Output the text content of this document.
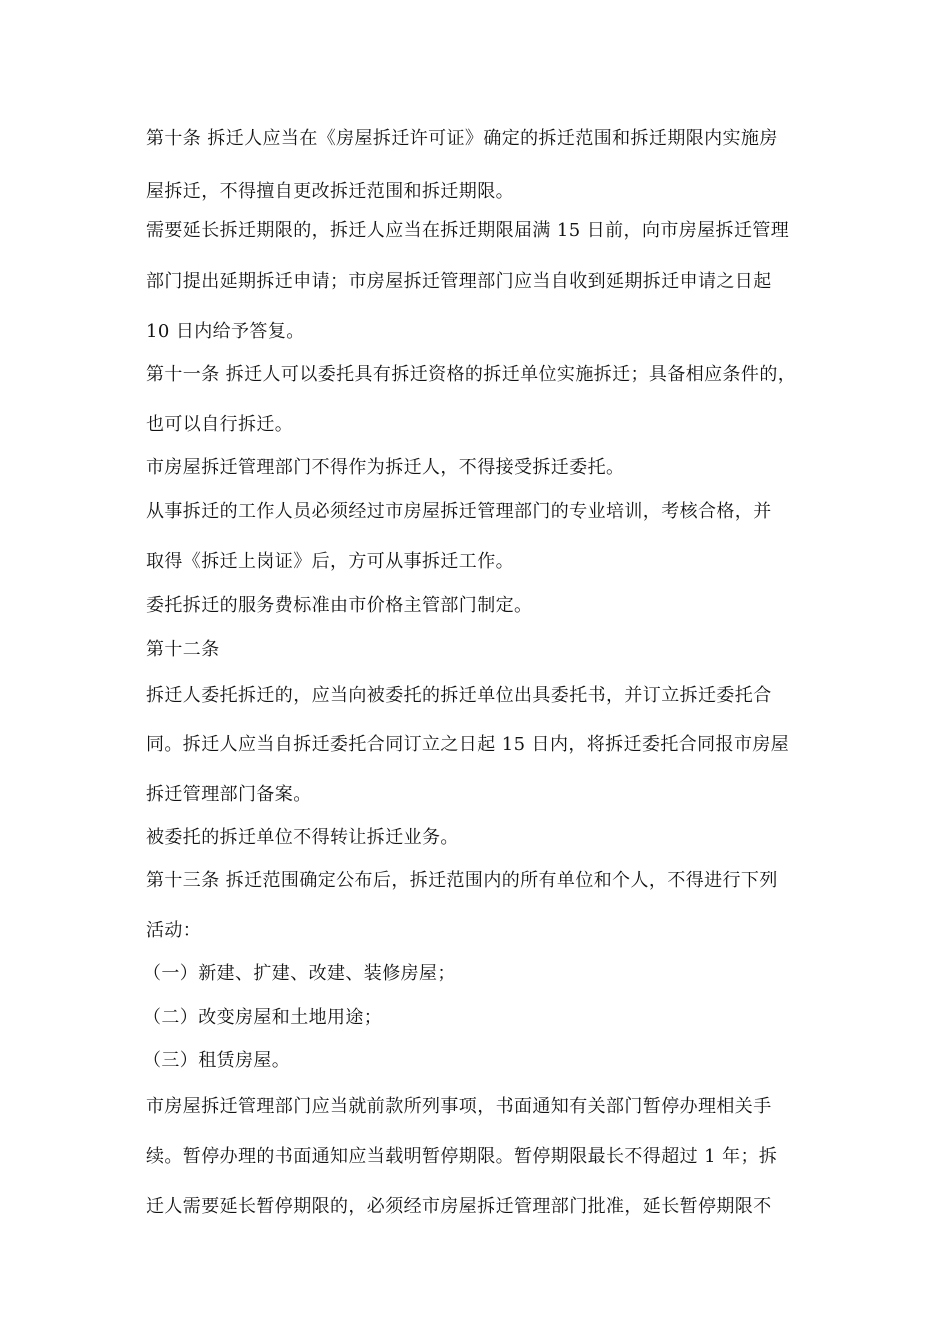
第十条 拆迁人应当在《房屋拆迁许可证》确定的拆迁范围和拆迁期限内实施房
屋拆迁，不得擅自更改拆迁范围和拆迁期限。
需要延长拆迁期限的，拆迁人应当在拆迁期限届满 15 日前，向市房屋拆迁管理
部门提出延期拆迁申请；市房屋拆迁管理部门应当自收到延期拆迁申请之日起
10 日内给予答复。
第十一条 拆迁人可以委托具有拆迁资格的拆迁单位实施拆迁；具备相应条件的，
也可以自行拆迁。
市房屋拆迁管理部门不得作为拆迁人，不得接受拆迁委托。
从事拆迁的工作人员必须经过市房屋拆迁管理部门的专业培训，考核合格，并
取得《拆迁上岗证》后，方可从事拆迁工作。
委托拆迁的服务费标准由市价格主管部门制定。
第十二条
拆迁人委托拆迁的，应当向被委托的拆迁单位出具委托书，并订立拆迁委托合
同。拆迁人应当自拆迁委托合同订立之日起 15 日内，将拆迁委托合同报市房屋
拆迁管理部门备案。
被委托的拆迁单位不得转让拆迁业务。
第十三条 拆迁范围确定公布后，拆迁范围内的所有单位和个人，不得进行下列
活动：
（一）新建、扩建、改建、装修房屋；
（二）改变房屋和土地用途；
（三）租赁房屋。
市房屋拆迁管理部门应当就前款所列事项，书面通知有关部门暂停办理相关手
续。暂停办理的书面通知应当载明暂停期限。暂停期限最长不得超过 1 年；拆
迁人需要延长暂停期限的，必须经市房屋拆迁管理部门批准，延长暂停期限不
